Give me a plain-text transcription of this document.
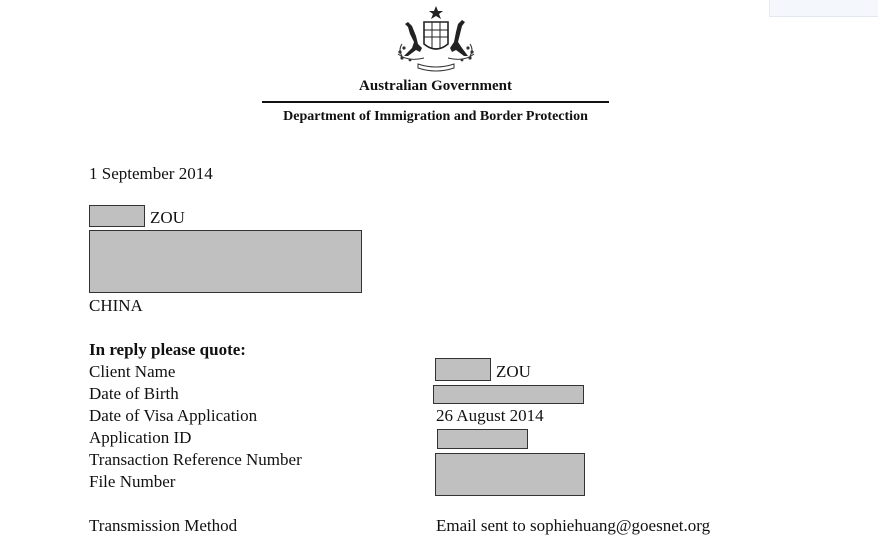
Australian Government
Department of Immigration and Border Protection
1 September 2014
ZOU
CHINA
In reply please quote:
Client Name	ZOU
Date of Birth
Date of Visa Application	26 August 2014
Application ID
Transaction Reference Number
File Number
Transmission Method	Email sent to sophiehuang@goesnet.org
